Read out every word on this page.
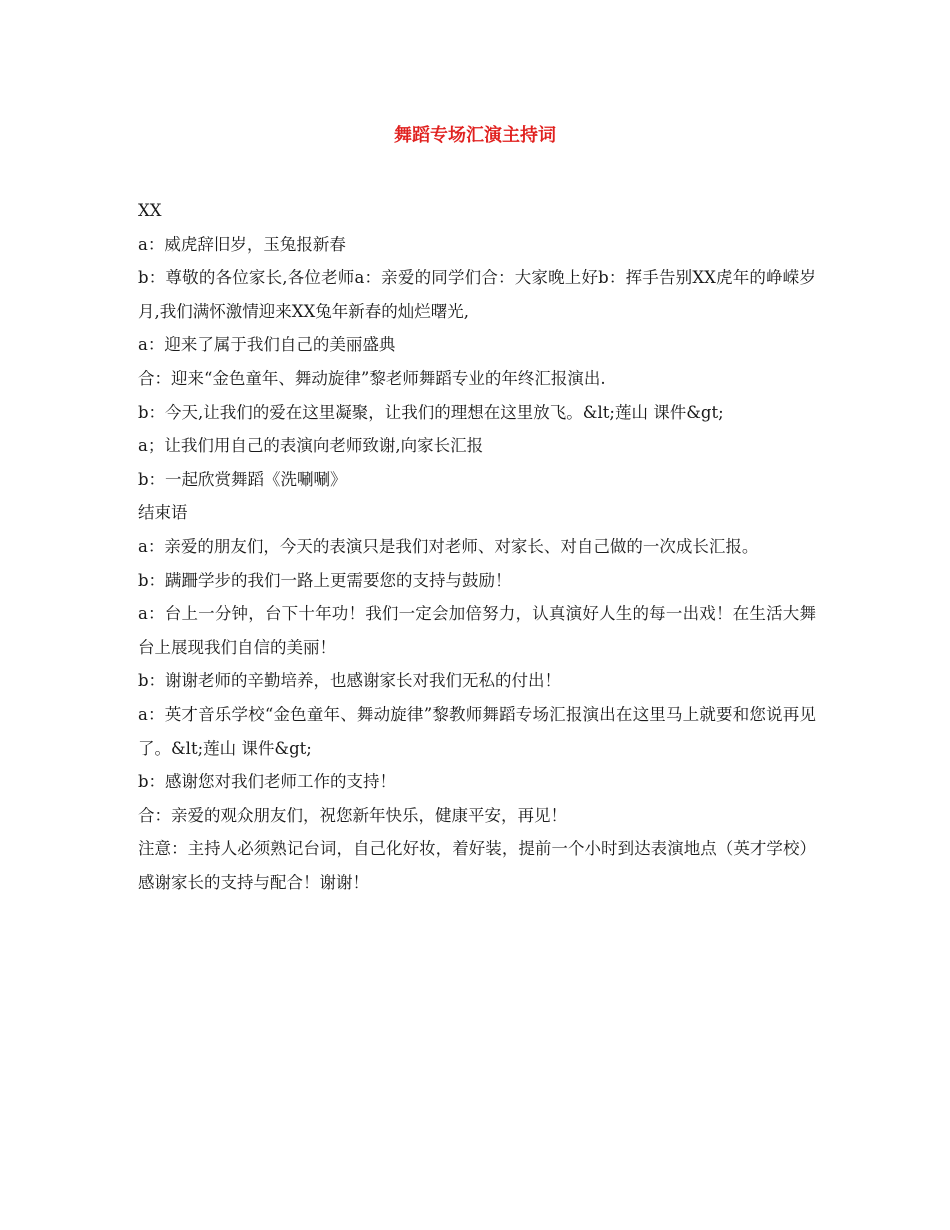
舞蹈专场汇演主持词

XX

a：威虎辞旧岁，玉兔报新春

b：尊敬的各位家长,各位老师a：亲爱的同学们合：大家晚上好b：挥手告别XX虎年的峥嵘岁月,我们满怀激情迎来XX兔年新春的灿烂曙光,

a：迎来了属于我们自己的美丽盛典

合：迎来“金色童年、舞动旋律”黎老师舞蹈专业的年终汇报演出.

b：今天,让我们的爱在这里凝聚，让我们的理想在这里放飞。&lt;莲山 课件&gt;

a；让我们用自己的表演向老师致谢,向家长汇报

b：一起欣赏舞蹈《洗唰唰》

结束语

a：亲爱的朋友们，今天的表演只是我们对老师、对家长、对自己做的一次成长汇报。

b：蹒跚学步的我们一路上更需要您的支持与鼓励！

a：台上一分钟，台下十年功！我们一定会加倍努力，认真演好人生的每一出戏！在生活大舞台上展现我们自信的美丽！

b：谢谢老师的辛勤培养，也感谢家长对我们无私的付出！

a：英才音乐学校“金色童年、舞动旋律”黎教师舞蹈专场汇报演出在这里马上就要和您说再见了。&lt;莲山 课件&gt;

b：感谢您对我们老师工作的支持！

合：亲爱的观众朋友们，祝您新年快乐，健康平安，再见！

注意：主持人必须熟记台词，自己化好妆，着好装，提前一个小时到达表演地点（英才学校）感谢家长的支持与配合！谢谢！
